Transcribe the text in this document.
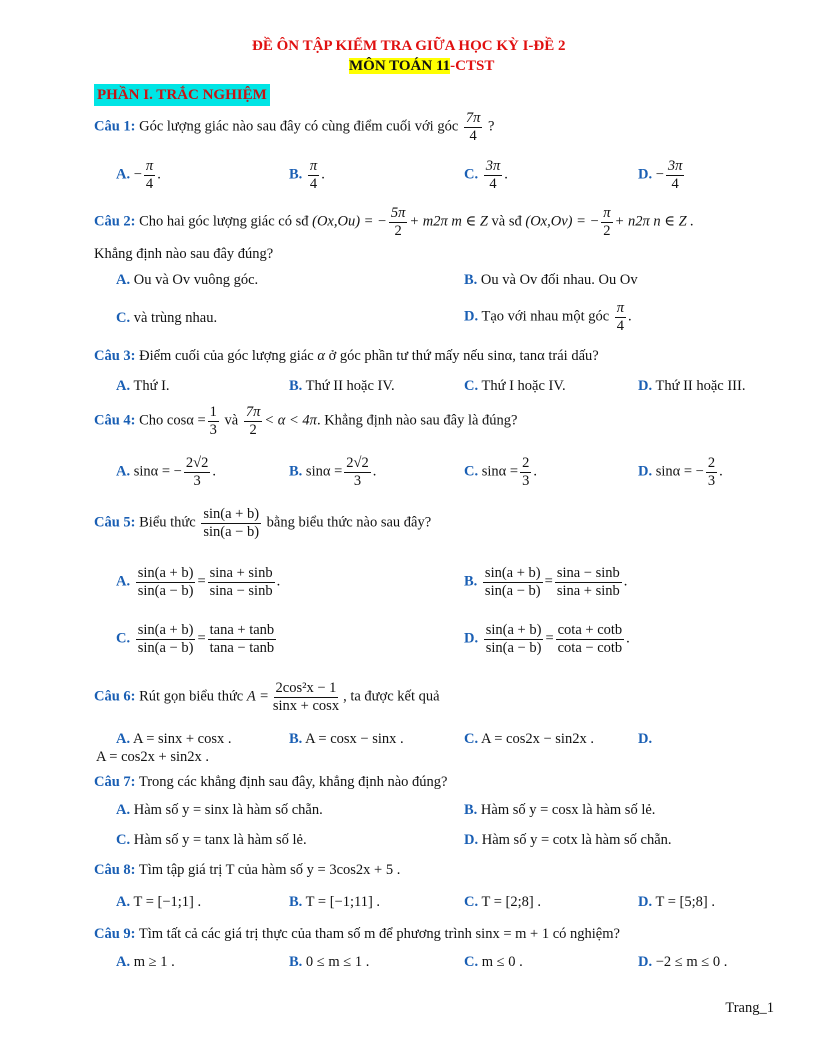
ĐỀ ÔN TẬP KIỂM TRA GIỮA HỌC KỲ I-ĐỀ 2
MÔN TOÁN 11-CTST
PHẦN I. TRẮC NGHIỆM
Câu 1: Góc lượng giác nào sau đây có cùng điểm cuối với góc $\frac{7\pi}{4}$ ?
A. − $\frac{\pi}{4}$ .	B. $\frac{\pi}{4}$ .	C. $\frac{3\pi}{4}$ .	D. − $\frac{3\pi}{4}$
Câu 2: Cho hai góc lượng giác có sđ (Ox,Ou) = − $\frac{5\pi}{2} + m2\pi$ m ∈ Z và sđ (Ox,Ov) = − $\frac{\pi}{2} + n2\pi$ n ∈ Z .
Khẳng định nào sau đây đúng?
A. Ou và Ov vuông góc.	B. Ou và Ov đối nhau. Ou Ov
C. và trùng nhau.	D. Tạo với nhau một góc $\frac{\pi}{4}$ .
Câu 3: Điểm cuối của góc lượng giác α ở góc phần tư thứ mấy nếu sinα, tanα trái dấu?
A. Thứ I.	B. Thứ II hoặc IV.	C. Thứ I hoặc IV.	D. Thứ II hoặc III.
Câu 4: Cho $\cos\alpha = \frac{1}{3}$ và $\frac{7\pi}{2} < \alpha < 4\pi$. Khẳng định nào sau đây là đúng?
A. sinα = − $\frac{2√2}{3}$ .	B. $\sin\alpha = \frac{2√2}{3}$ .	C. $\sin\alpha = \frac{2}{3}$ .	D. sinα = − $\frac{2}{3}$ .
Câu 5: Biểu thức $\frac{\sin(a + b)}{\sin(a - b)}$ bằng biểu thức nào sau đây?
A. $\frac{\sin(a + b)}{\sin(a - b)} = \frac{\sin a + \sin b}{\sin a - \sin b}$ .	B. $\frac{\sin(a + b)}{\sin(a - b)} = \frac{\sin a - \sin b}{\sin a + \sin b}$ .
C. $\frac{\sin(a + b)}{\sin(a - b)} = \frac{\tan a + \tan b}{\tan a - \tan b}$	D. $\frac{\sin(a + b)}{\sin(a - b)} = \frac{\cot a + \cot b}{\cot a - \cot b}$ .
Câu 6: Rút gọn biểu thức $A = \frac{\text{2cos²x − 1}}{\sin x + \cos x}$ , ta được kết quả
A. A = sinx + cosx .	B. A = cosx − sinx .	C. A = cos2x − sin2x .	D.
A = cos2x + sin2x .
Câu 7: Trong các khẳng định sau đây, khẳng định nào đúng?
A. Hàm số y = sinx là hàm số chẵn.	B. Hàm số y = cosx là hàm số lẻ.
C. Hàm số y = tanx là hàm số lẻ.	D. Hàm số y = cotx là hàm số chẵn.
Câu 8: Tìm tập giá trị T của hàm số y = 3cos2x + 5 .
A. T = [−1;1] .	B. T = [−1;11] .	C. T = [2;8] .	D. T = [5;8] .
Câu 9: Tìm tất cả các giá trị thực của tham số m để phương trình sinx = m + 1 có nghiệm?
A. m ≥ 1 .	B. 0 ≤ m ≤ 1 .	C. m ≤ 0 .	D. −2 ≤ m ≤ 0 .
Trang_1
